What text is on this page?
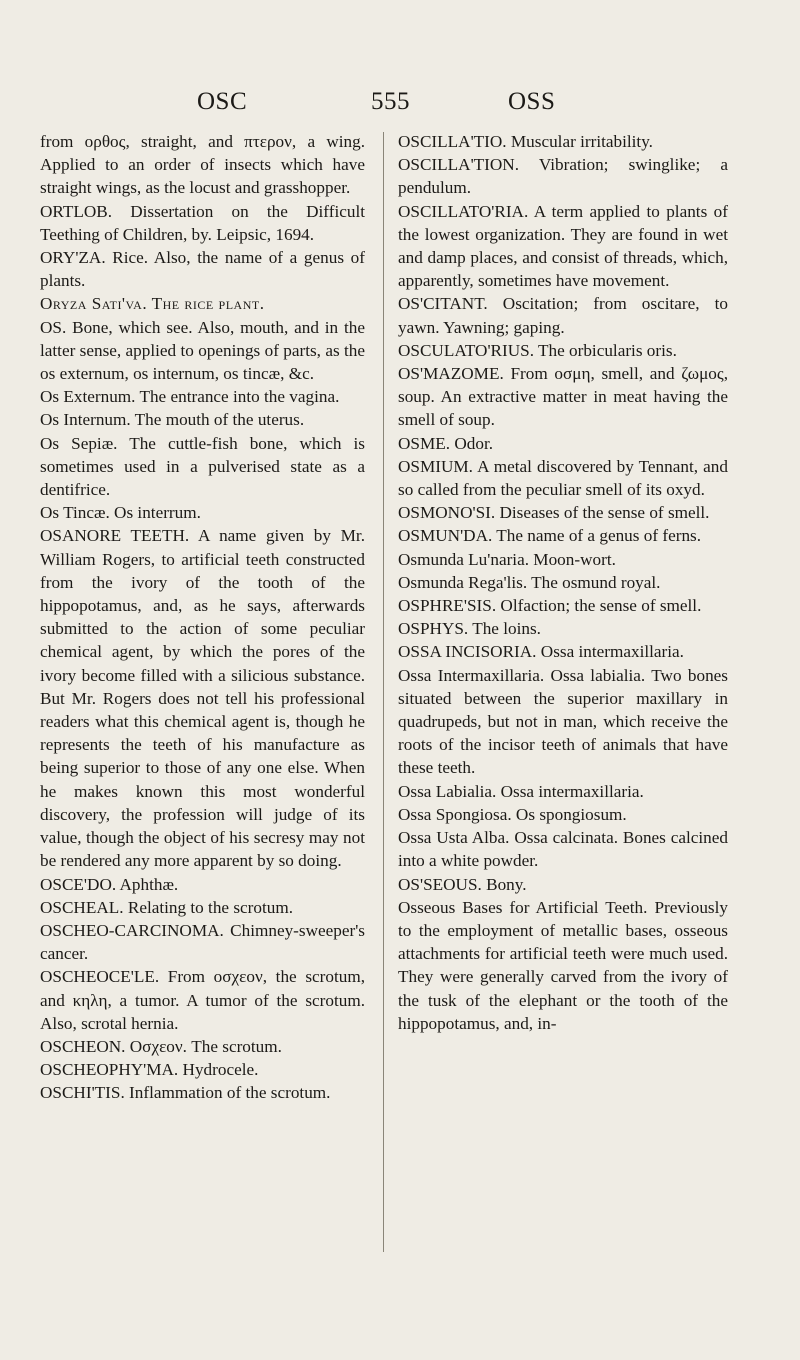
OSC	555	OSS

from ορθος, straight, and πτερον, a wing. Applied to an order of insects which have straight wings, as the locust and grasshopper.

ORTLOB. Dissertation on the Difficult Teething of Children, by. Leipsic, 1694.

ORY'ZA. Rice. Also, the name of a genus of plants.

Oryza Sati'va. The rice plant.

OS. Bone, which see. Also, mouth, and in the latter sense, applied to openings of parts, as the os externum, os internum, os tincæ, &c.

Os Externum. The entrance into the vagina.

Os Internum. The mouth of the uterus.

Os Sepiæ. The cuttle-fish bone, which is sometimes used in a pulverised state as a dentifrice.

Os Tincæ. Os interrum.

OSANORE TEETH. A name given by Mr. William Rogers, to artificial teeth constructed from the ivory of the tooth of the hippopotamus, and, as he says, afterwards submitted to the action of some peculiar chemical agent, by which the pores of the ivory become filled with a silicious substance. But Mr. Rogers does not tell his professional readers what this chemical agent is, though he represents the teeth of his manufacture as being superior to those of any one else. When he makes known this most wonderful discovery, the profession will judge of its value, though the object of his secresy may not be rendered any more apparent by so doing.

OSCE'DO. Aphthæ.

OSCHEAL. Relating to the scrotum.

OSCHEO-CARCINOMA. Chimney-sweeper's cancer.

OSCHEOCE'LE. From οσχεον, the scrotum, and κηλη, a tumor. A tumor of the scrotum. Also, scrotal hernia.

OSCHEON. Οσχεον. The scrotum.

OSCHEOPHY'MA. Hydrocele.

OSCHI'TIS. Inflammation of the scrotum.

OSCILLA'TIO. Muscular irritability.

OSCILLA'TION. Vibration; swinglike; a pendulum.

OSCILLATO'RIA. A term applied to plants of the lowest organization. They are found in wet and damp places, and consist of threads, which, apparently, sometimes have movement.

OS'CITANT. Oscitation; from oscitare, to yawn. Yawning; gaping.

OSCULATO'RIUS. The orbicularis oris.

OS'MAZOME. From οσμη, smell, and ζωμος, soup. An extractive matter in meat having the smell of soup.

OSME. Odor.

OSMIUM. A metal discovered by Tennant, and so called from the peculiar smell of its oxyd.

OSMONO'SI. Diseases of the sense of smell.

OSMUN'DA. The name of a genus of ferns.

Osmunda Lu'naria. Moon-wort.

Osmunda Rega'lis. The osmund royal.

OSPHRE'SIS. Olfaction; the sense of smell.

OSPHYS. The loins.

OSSA INCISORIA. Ossa intermaxillaria.

Ossa Intermaxillaria. Ossa labialia. Two bones situated between the superior maxillary in quadrupeds, but not in man, which receive the roots of the incisor teeth of animals that have these teeth.

Ossa Labialia. Ossa intermaxillaria.

Ossa Spongiosa. Os spongiosum.

Ossa Usta Alba. Ossa calcinata. Bones calcined into a white powder.

OS'SEOUS. Bony.

Osseous Bases for Artificial Teeth. Previously to the employment of metallic bases, osseous attachments for artificial teeth were much used. They were generally carved from the ivory of the tusk of the elephant or the tooth of the hippopotamus, and, in-
